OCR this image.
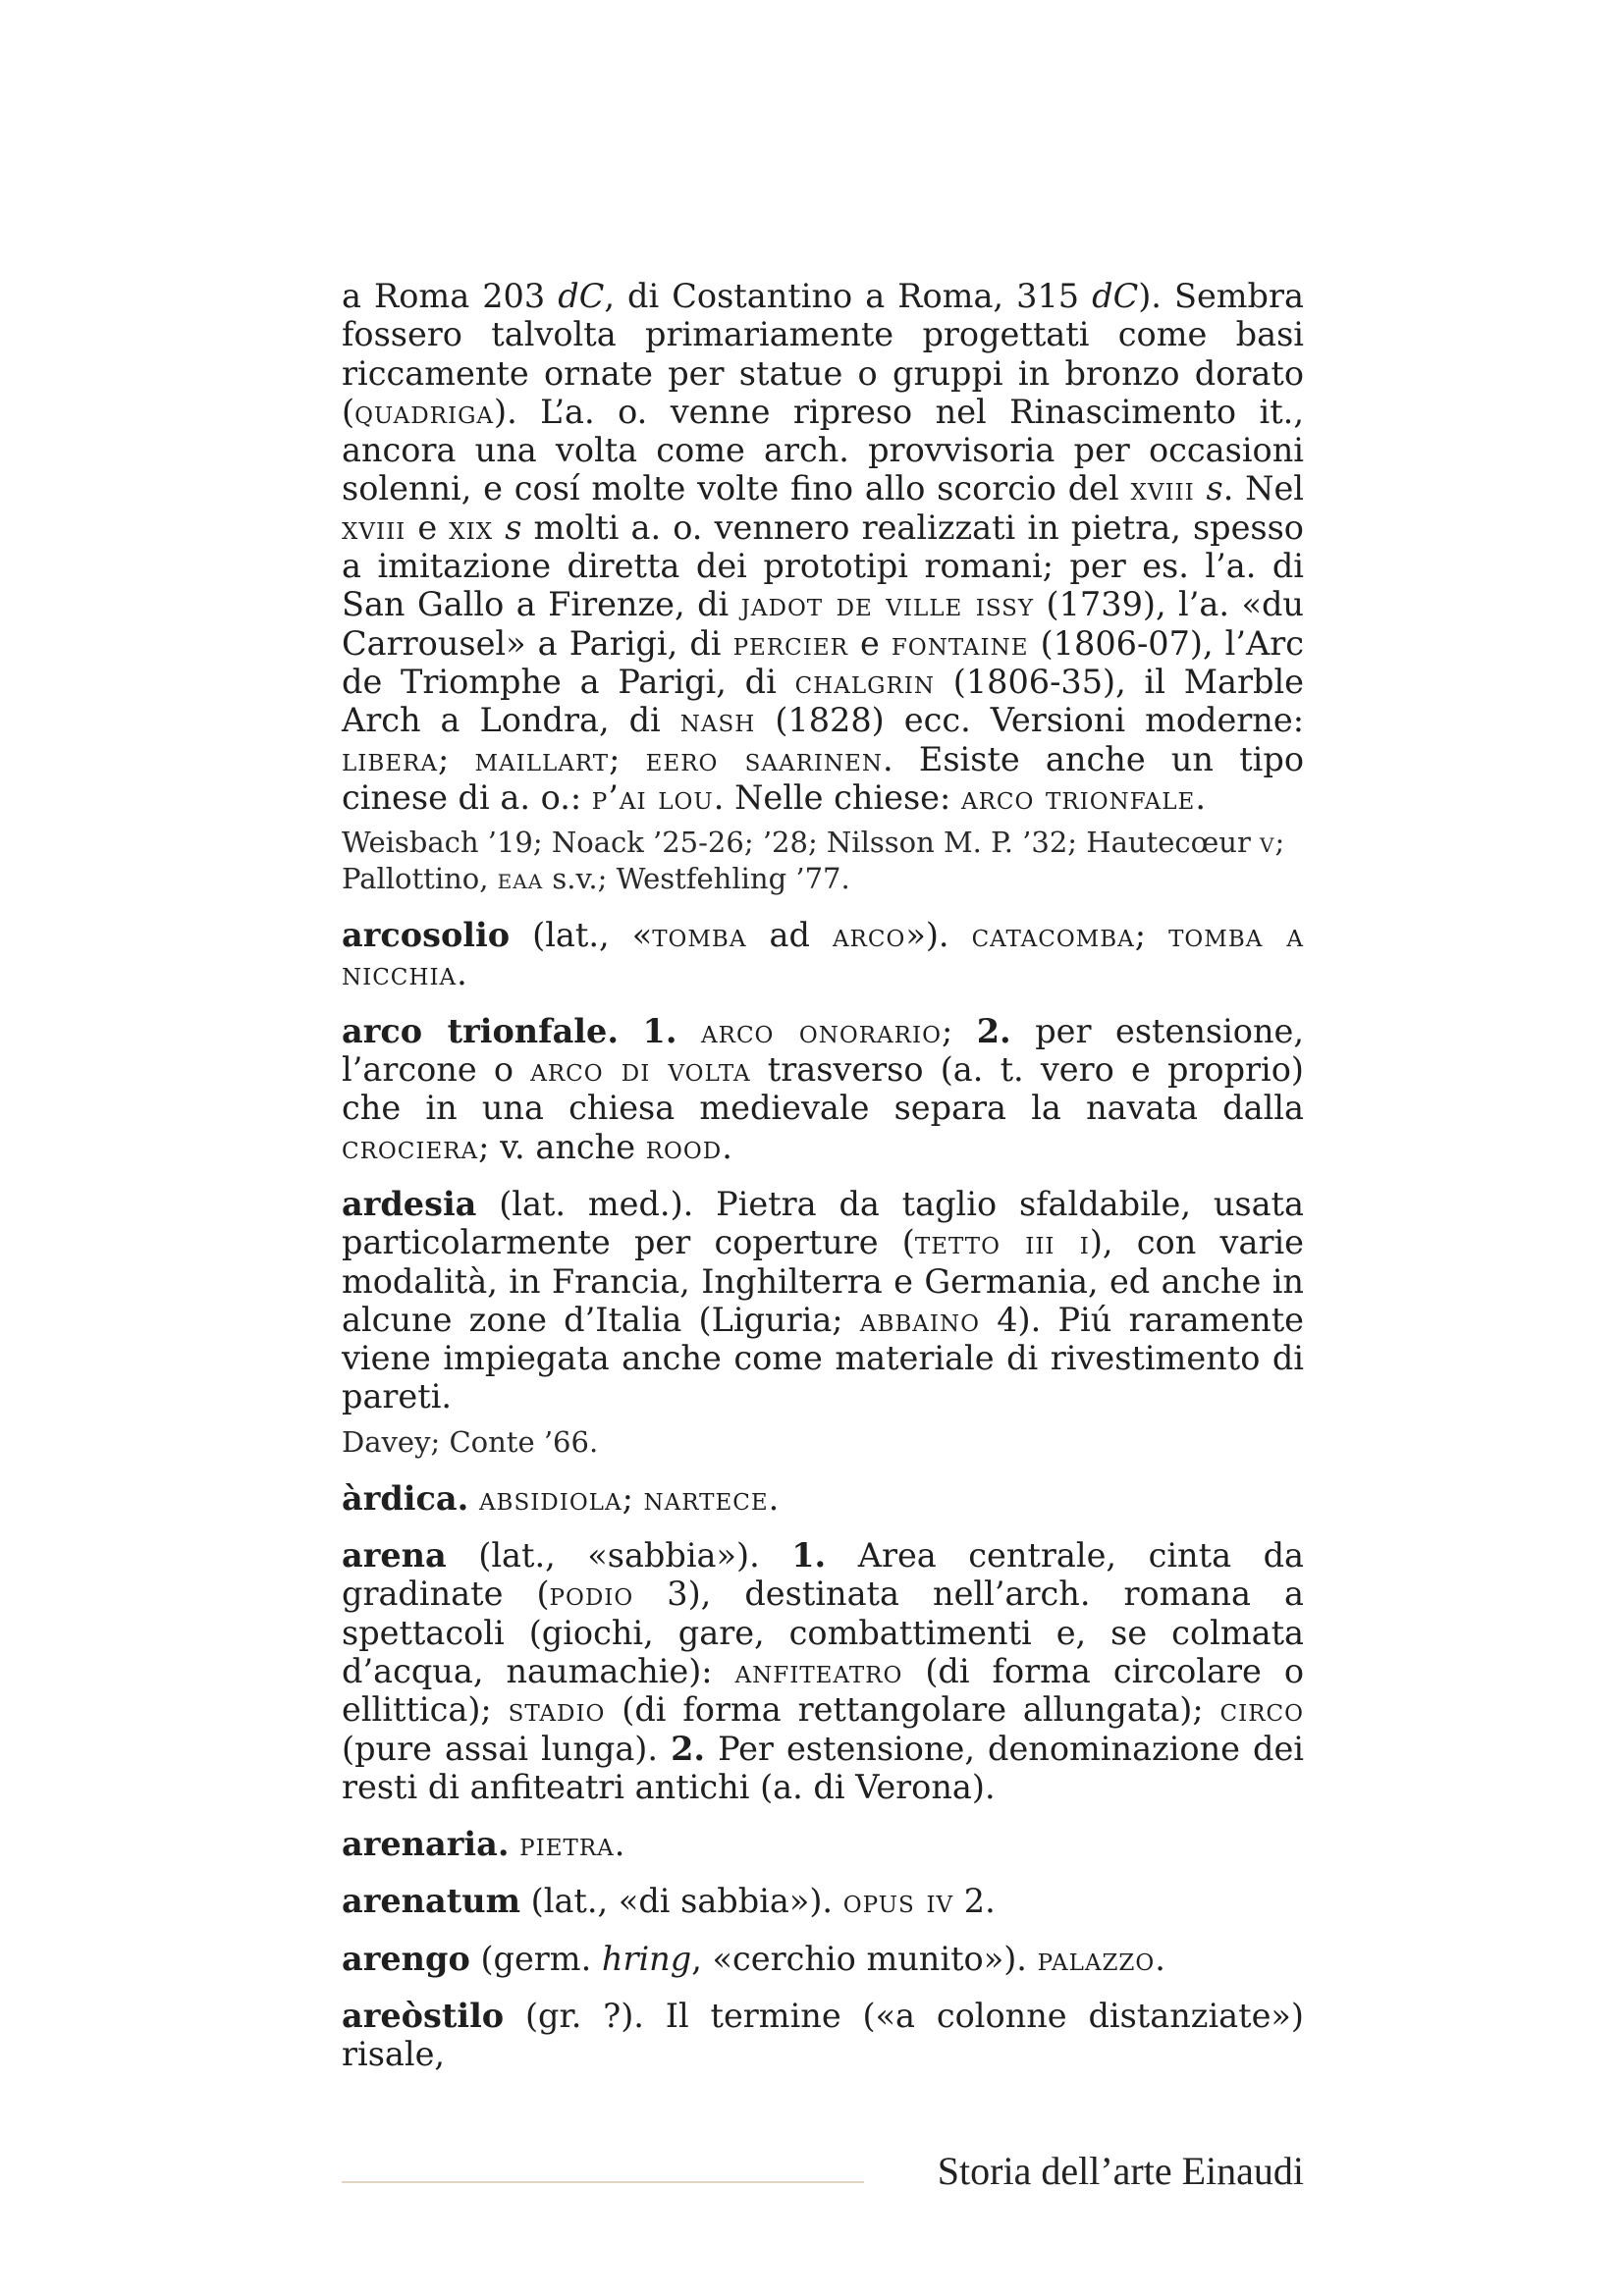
a Roma 203 dC, di Costantino a Roma, 315 dC). Sembra fossero talvolta primariamente progettati come basi riccamente ornate per statue o gruppi in bronzo dorato (quadriga). L’a. o. venne ripreso nel Rinascimento it., ancora una volta come arch. provvisoria per occasioni solenni, e cosí molte volte fino allo scorcio del xviii s. Nel xviii e xix s molti a. o. vennero realizzati in pietra, spesso a imitazione diretta dei prototipi romani; per es. l’a. di San Gallo a Firenze, di jadot de ville issy (1739), l’a. «du Carrousel» a Parigi, di percier e fontaine (1806-07), l’Arc de Triomphe a Parigi, di chalgrin (1806-35), il Marble Arch a Londra, di nash (1828) ecc. Versioni moderne: libera; maillart; eero saarinen. Esiste anche un tipo cinese di a. o.: p’ai lou. Nelle chiese: arco trionfale.

Weisbach ’19; Noack ’25-26; ’28; Nilsson M. P. ’32; Hautecœur v; Pallottino, eaa s.v.; Westfehling ’77.

arcosolio (lat., «tomba ad arco»). catacomba; tomba a nicchia.

arco trionfale. 1. arco onorario; 2. per estensione, l’arcone o arco di volta trasverso (a. t. vero e proprio) che in una chiesa medievale separa la navata dalla crociera; v. anche rood.

ardesia (lat. med.). Pietra da taglio sfaldabile, usata particolarmente per coperture (tetto iii i), con varie modalità, in Francia, Inghilterra e Germania, ed anche in alcune zone d’Italia (Liguria; abbaino 4). Piú raramente viene impiegata anche come materiale di rivestimento di pareti.

Davey; Conte ’66.

àrdica. absidiola; nartece.

arena (lat., «sabbia»). 1. Area centrale, cinta da gradinate (podio 3), destinata nell’arch. romana a spettacoli (giochi, gare, combattimenti e, se colmata d’acqua, naumachie): anfiteatro (di forma circolare o ellittica); stadio (di forma rettangolare allungata); circo (pure assai lunga). 2. Per estensione, denominazione dei resti di anfiteatri antichi (a. di Verona).

arenaria. pietra.

arenatum (lat., «di sabbia»). opus iv 2.

arengo (germ. hring, «cerchio munito»). palazzo.

areòstilo (gr. ?). Il termine («a colonne distanziate») risale,

Storia dell’arte Einaudi
